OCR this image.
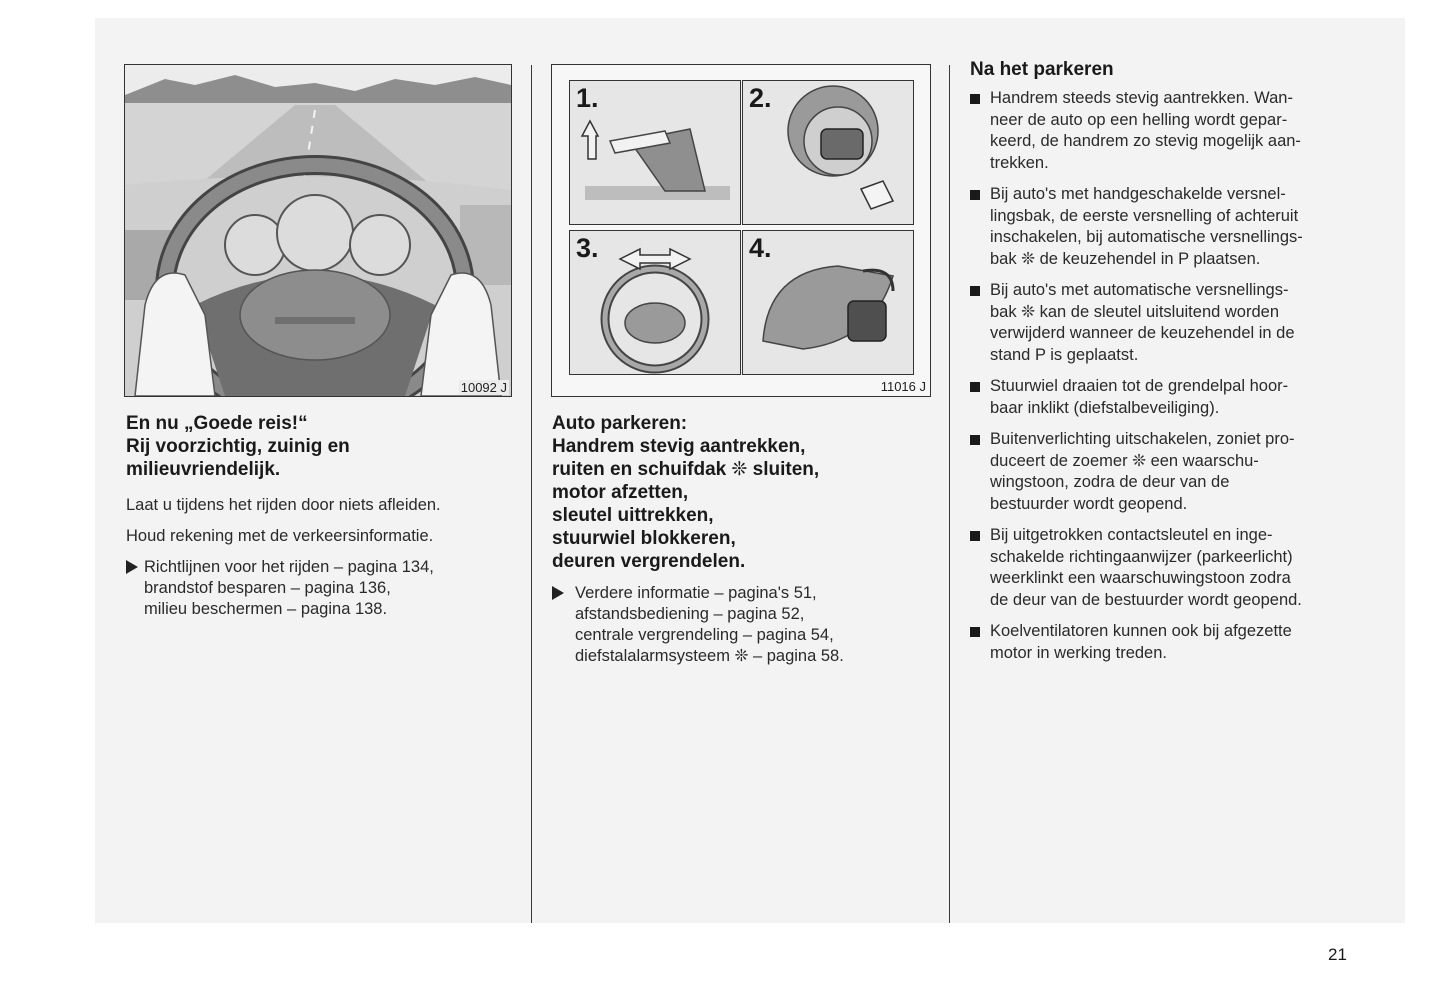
10092 J
1.	2.
3.	4.
11016 J

En nu „Goede reis!“
Rij voorzichtig, zuinig en
milieuvriendelijk.

Laat u tijdens het rijden door niets afleiden.

Houd rekening met de verkeersinformatie.

Richtlijnen voor het rijden – pagina 134,
brandstof besparen – pagina 136,
milieu beschermen – pagina 138.

Auto parkeren:
Handrem stevig aantrekken,
ruiten en schuifdak ❊ sluiten,
motor afzetten,
sleutel uittrekken,
stuurwiel blokkeren,
deuren vergrendelen.

Verdere informatie – pagina's 51,
afstandsbediening – pagina 52,
centrale vergrendeling – pagina 54,
diefstalalarmsysteem ❊ – pagina 58.
Na het parkeren
Handrem steeds stevig aantrekken. Wan-
neer de auto op een helling wordt gepar-
keerd, de handrem zo stevig mogelijk aan-
trekken.
Bij auto's met handgeschakelde versnel-
lingsbak, de eerste versnelling of achteruit
inschakelen, bij automatische versnellings-
bak ❊ de keuzehendel in P plaatsen.
Bij auto's met automatische versnellings-
bak ❊ kan de sleutel uitsluitend worden
verwijderd wanneer de keuzehendel in de
stand P is geplaatst.
Stuurwiel draaien tot de grendelpal hoor-
baar inklikt (diefstalbeveiliging).
Buitenverlichting uitschakelen, zoniet pro-
duceert de zoemer ❊ een waarschu-
wingstoon, zodra de deur van de
bestuurder wordt geopend.
Bij uitgetrokken contactsleutel en inge-
schakelde richtingaanwijzer (parkeerlicht)
weerklinkt een waarschuwingstoon zodra
de deur van de bestuurder wordt geopend.
Koelventilatoren kunnen ook bij afgezette
motor in werking treden.
21
